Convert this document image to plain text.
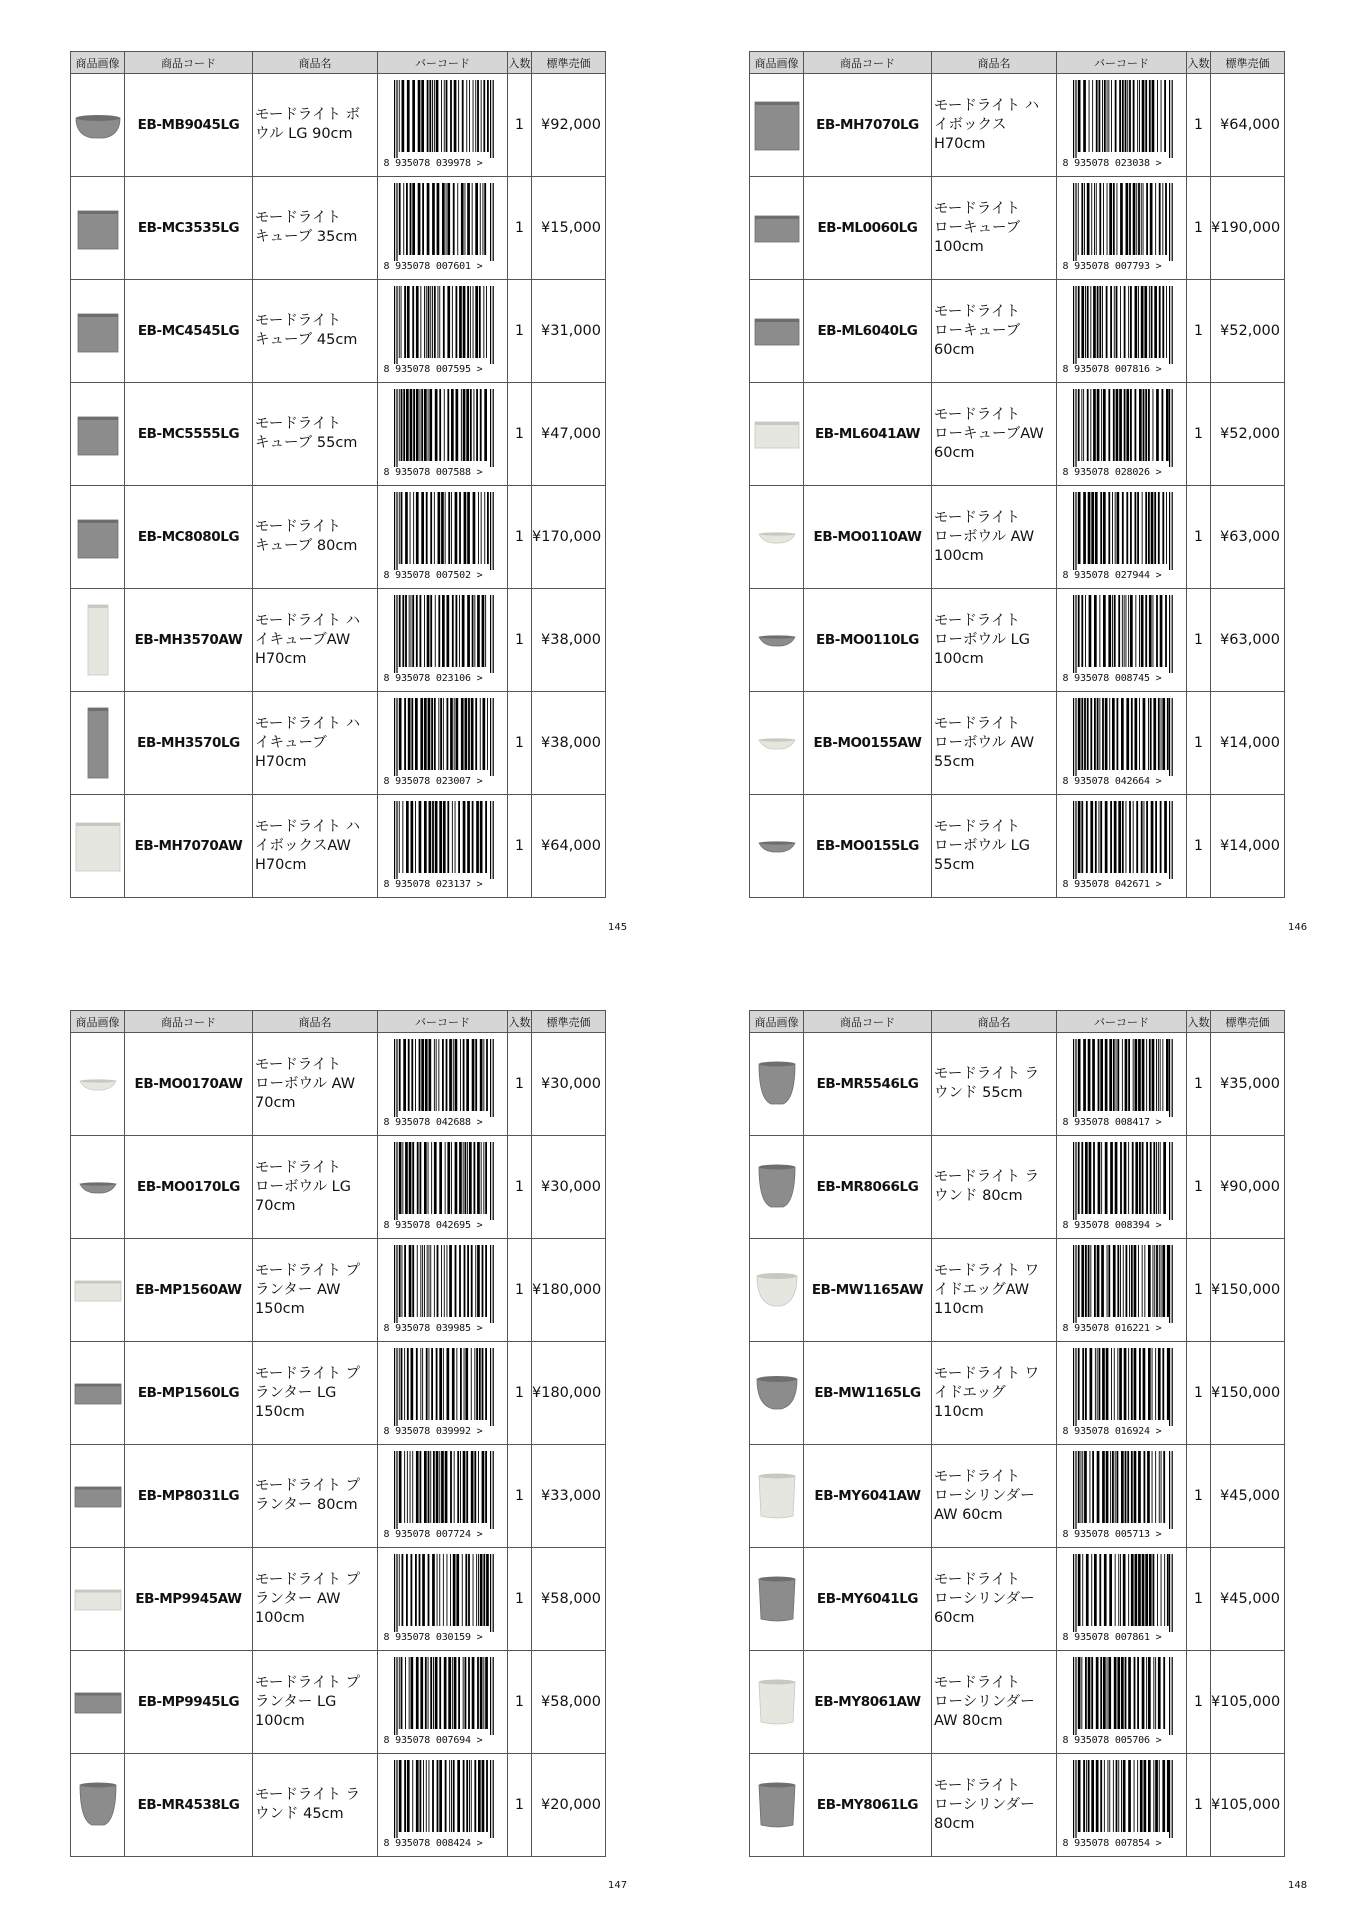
商品画像	商品コード	商品名	バーコード	入数	標準売価
	EB-MB9045LG	モードライト ボ
ウル LG 90cm	8 935078 039978 >	1	¥92,000
	EB-MC3535LG	モードライト
キューブ 35cm	8 935078 007601 >	1	¥15,000
	EB-MC4545LG	モードライト
キューブ 45cm	8 935078 007595 >	1	¥31,000
	EB-MC5555LG	モードライト
キューブ 55cm	8 935078 007588 >	1	¥47,000
	EB-MC8080LG	モードライト
キューブ 80cm	8 935078 007502 >	1	¥170,000
	EB-MH3570AW	モードライト ハ
イキューブAW
H70cm	8 935078 023106 >	1	¥38,000
	EB-MH3570LG	モードライト ハ
イキューブ
H70cm	8 935078 023007 >	1	¥38,000
	EB-MH7070AW	モードライト ハ
イボックスAW
H70cm	8 935078 023137 >	1	¥64,000
145
商品画像	商品コード	商品名	バーコード	入数	標準売価
	EB-MH7070LG	モードライト ハ
イボックス
H70cm	8 935078 023038 >	1	¥64,000
	EB-ML0060LG	モードライト
ローキューブ
100cm	8 935078 007793 >	1	¥190,000
	EB-ML6040LG	モードライト
ローキューブ
60cm	8 935078 007816 >	1	¥52,000
	EB-ML6041AW	モードライト
ローキューブAW
60cm	8 935078 028026 >	1	¥52,000
	EB-MO0110AW	モードライト
ローボウル AW
100cm	8 935078 027944 >	1	¥63,000
	EB-MO0110LG	モードライト
ローボウル LG
100cm	8 935078 008745 >	1	¥63,000
	EB-MO0155AW	モードライト
ローボウル AW
55cm	8 935078 042664 >	1	¥14,000
	EB-MO0155LG	モードライト
ローボウル LG
55cm	8 935078 042671 >	1	¥14,000
146
商品画像	商品コード	商品名	バーコード	入数	標準売価
	EB-MO0170AW	モードライト
ローボウル AW
70cm	8 935078 042688 >	1	¥30,000
	EB-MO0170LG	モードライト
ローボウル LG
70cm	8 935078 042695 >	1	¥30,000
	EB-MP1560AW	モードライト プ
ランター AW
150cm	8 935078 039985 >	1	¥180,000
	EB-MP1560LG	モードライト プ
ランター LG
150cm	8 935078 039992 >	1	¥180,000
	EB-MP8031LG	モードライト プ
ランター 80cm	8 935078 007724 >	1	¥33,000
	EB-MP9945AW	モードライト プ
ランター AW
100cm	8 935078 030159 >	1	¥58,000
	EB-MP9945LG	モードライト プ
ランター LG
100cm	8 935078 007694 >	1	¥58,000
	EB-MR4538LG	モードライト ラ
ウンド 45cm	8 935078 008424 >	1	¥20,000
147
商品画像	商品コード	商品名	バーコード	入数	標準売価
	EB-MR5546LG	モードライト ラ
ウンド 55cm	8 935078 008417 >	1	¥35,000
	EB-MR8066LG	モードライト ラ
ウンド 80cm	8 935078 008394 >	1	¥90,000
	EB-MW1165AW	モードライト ワ
イドエッグAW
110cm	8 935078 016221 >	1	¥150,000
	EB-MW1165LG	モードライト ワ
イドエッグ
110cm	8 935078 016924 >	1	¥150,000
	EB-MY6041AW	モードライト
ローシリンダー
AW 60cm	8 935078 005713 >	1	¥45,000
	EB-MY6041LG	モードライト
ローシリンダー
60cm	8 935078 007861 >	1	¥45,000
	EB-MY8061AW	モードライト
ローシリンダー
AW 80cm	8 935078 005706 >	1	¥105,000
	EB-MY8061LG	モードライト
ローシリンダー
80cm	8 935078 007854 >	1	¥105,000
148
